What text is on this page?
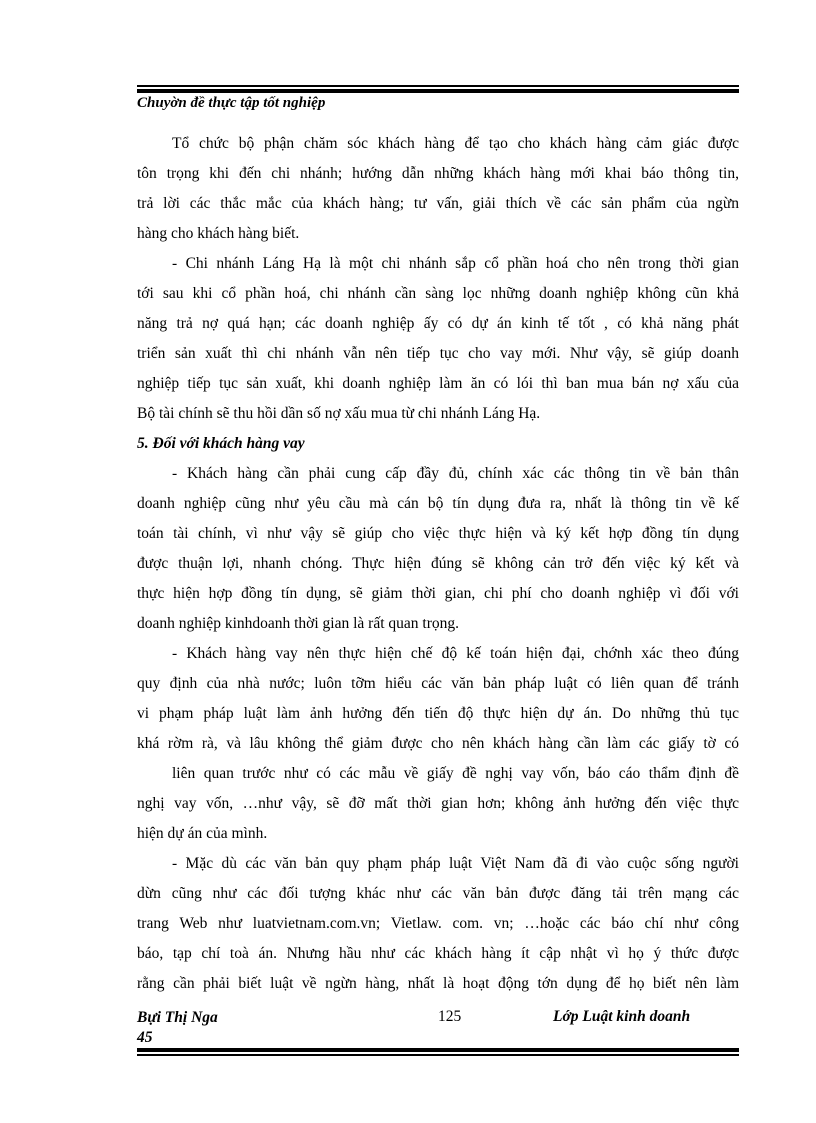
Chuyờn đề thực tập tốt nghiệp
Tổ chức bộ phận chăm sóc khách hàng để tạo cho khách hàng cảm giác được
tôn trọng khi đến chi nhánh; hướng dẫn những khách hàng mới khai báo thông tin,
trả lời các thắc mắc của khách hàng; tư vấn, giải thích về các sản phẩm của ngừn
hàng cho khách hàng biết.
- Chi nhánh Láng Hạ là một chi nhánh sắp cổ phần hoá cho nên trong thời gian
tới sau khi cổ phần hoá, chi nhánh cần sàng lọc những doanh nghiệp không cũn khả
năng trả nợ quá hạn; các doanh nghiệp ấy có dự án kinh tế tốt , có khả năng phát
triển sản xuất thì chi nhánh vẫn nên tiếp tục cho vay mới. Như vậy, sẽ giúp doanh
nghiệp tiếp tục sản xuất, khi doanh nghiệp làm ăn có lói thì ban mua bán nợ xấu của
Bộ tài chính sẽ thu hồi dần số nợ xấu mua từ chi nhánh Láng Hạ.
5. Đối với khách hàng vay
- Khách hàng cần phải cung cấp đầy đủ, chính xác các thông tin về bản thân
doanh nghiệp cũng như yêu cầu mà cán bộ tín dụng đưa ra, nhất là thông tin về kế
toán tài chính, vì như vậy sẽ giúp cho việc thực hiện và ký kết hợp đồng tín dụng
được thuận lợi, nhanh chóng. Thực hiện đúng sẽ không cản trở đến việc ký kết và
thực hiện hợp đồng tín dụng, sẽ giảm thời gian, chi phí cho doanh nghiệp vì đối với
doanh nghiệp kinhdoanh thời gian là rất quan trọng.
- Khách hàng vay nên thực hiện chế độ kế toán hiện đại, chớnh xác theo đúng
quy định của nhà nước; luôn tỡm hiểu các văn bản pháp luật có liên quan để tránh
vi phạm pháp luật làm ảnh hưởng đến tiến độ thực hiện dự án. Do những thủ tục
khá rờm rà, và lâu không thể giảm được cho nên khách hàng cần làm các giấy tờ có
liên quan trước như có các mẫu về giấy đề nghị vay vốn, báo cáo thẩm định đề
nghị vay vốn, …như vậy, sẽ đỡ mất thời gian hơn; không ảnh hưởng đến việc thực
hiện dự án của mình.
- Mặc dù các văn bản quy phạm pháp luật Việt Nam đã đi vào cuộc sống người
dừn cũng như các đối tượng khác như các văn bản được đăng tải trên mạng các
trang Web như luatvietnam.com.vn; Vietlaw. com. vn; …hoặc các báo chí như công
báo, tạp chí toà án. Nhưng hầu như các khách hàng ít cập nhật vì họ ý thức được
rằng cần phải biết luật về ngừn hàng, nhất là hoạt động tớn dụng để họ biết nên làm
Bựi Thị Nga
45
125	Lớp Luật kinh doanh
